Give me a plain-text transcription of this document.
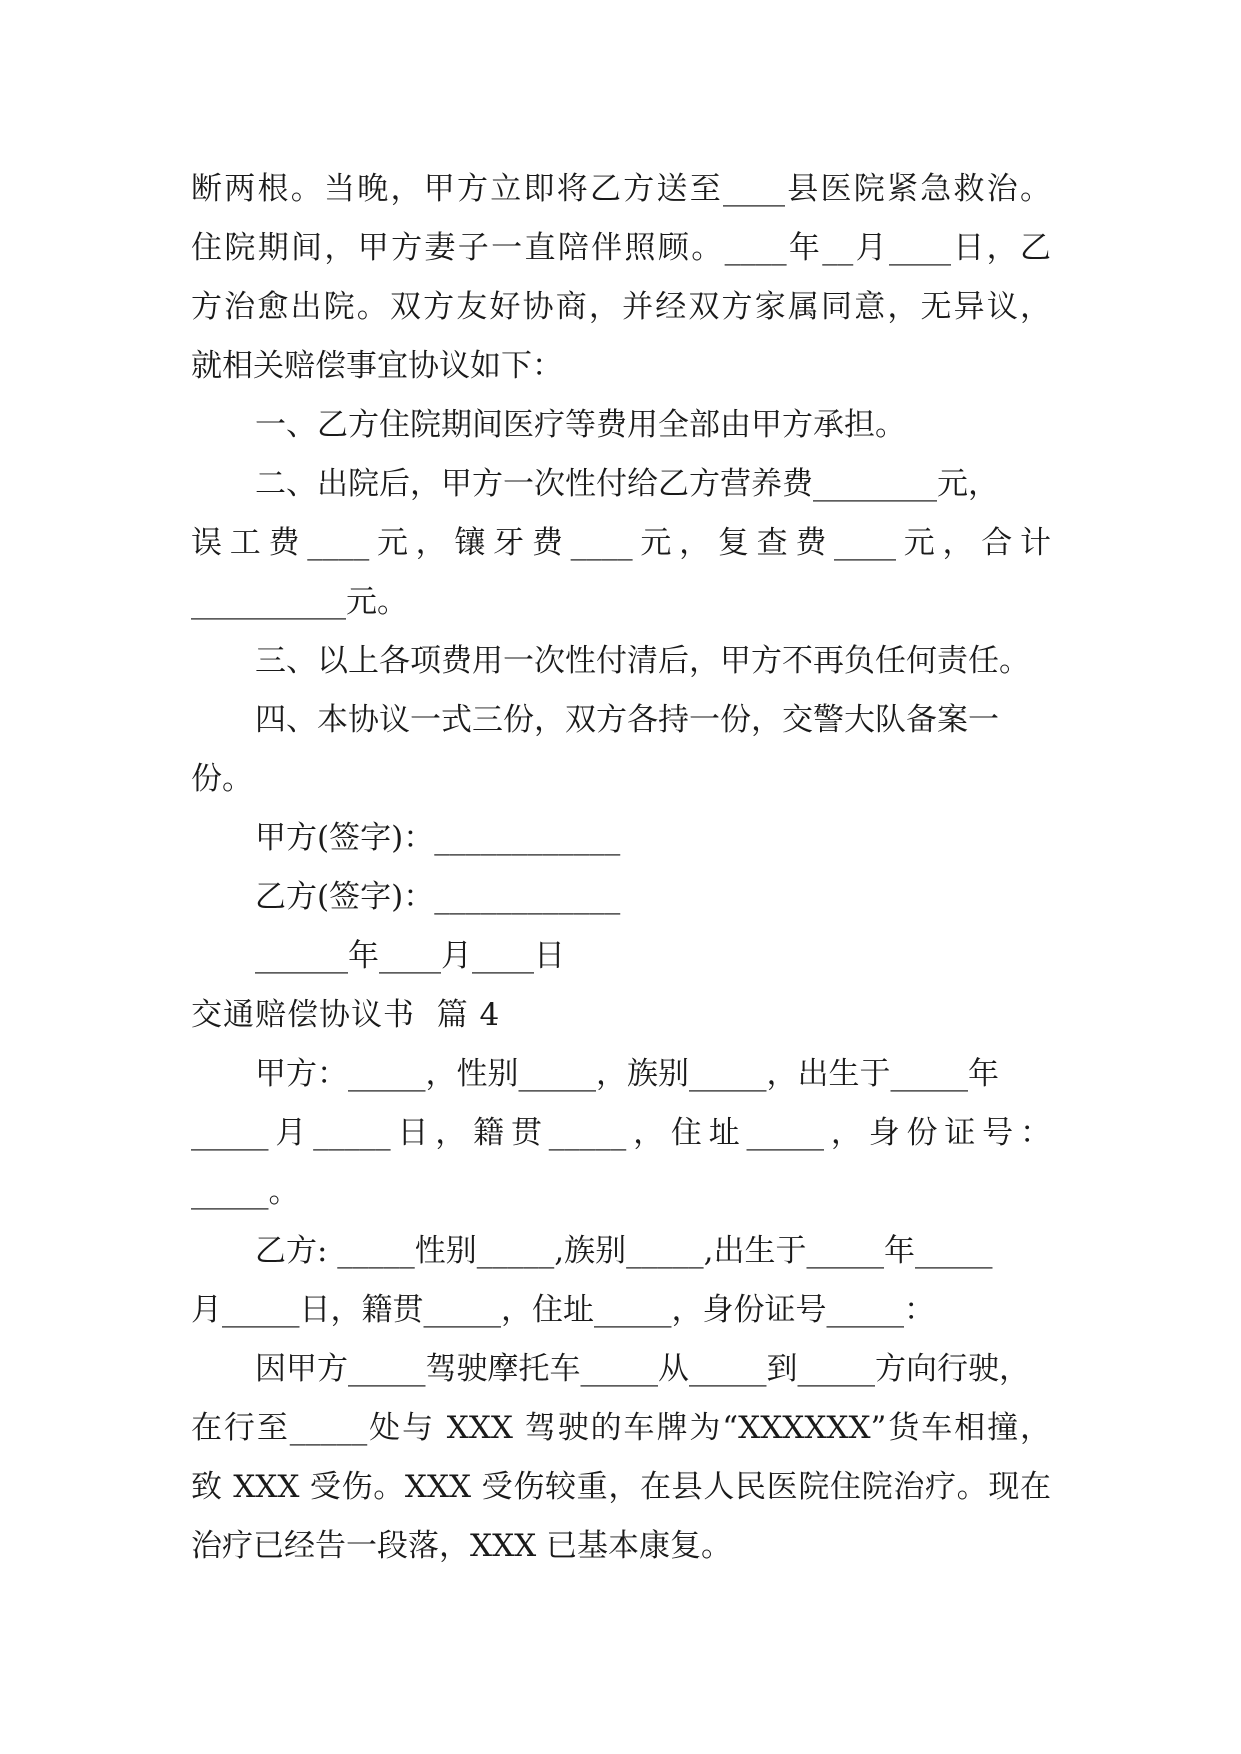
断两根。当晚，甲方立即将乙方送至____县医院紧急救治。
住院期间，甲方妻子一直陪伴照顾。____年__月____日，乙
方治愈出院。双方友好协商，并经双方家属同意，无异议，
就相关赔偿事宜协议如下：
一、乙方住院期间医疗等费用全部由甲方承担。
二、出院后，甲方一次性付给乙方营养费________元，
误工费____元，镶牙费____元，复查费____元，合计
__________元。
三、以上各项费用一次性付清后，甲方不再负任何责任。
四、本协议一式三份，双方各持一份，交警大队备案一
份。
甲方(签字)：____________
乙方(签字)：____________
______年____月____日
交通赔偿协议书  篇 4
甲方：_____，性别_____，族别_____，出生于_____年
_____月_____日，籍贯_____，住址_____，身份证号：
_____。
乙方: _____性别_____,族别_____,出生于_____年_____
月_____日，籍贯_____，住址_____，身份证号_____：
因甲方_____驾驶摩托车_____从_____到_____方向行驶，
在行至_____处与 XXX 驾驶的车牌为“XXXXXX”货车相撞，
致 XXX 受伤。XXX 受伤较重，在县人民医院住院治疗。现在
治疗已经告一段落，XXX 已基本康复。
